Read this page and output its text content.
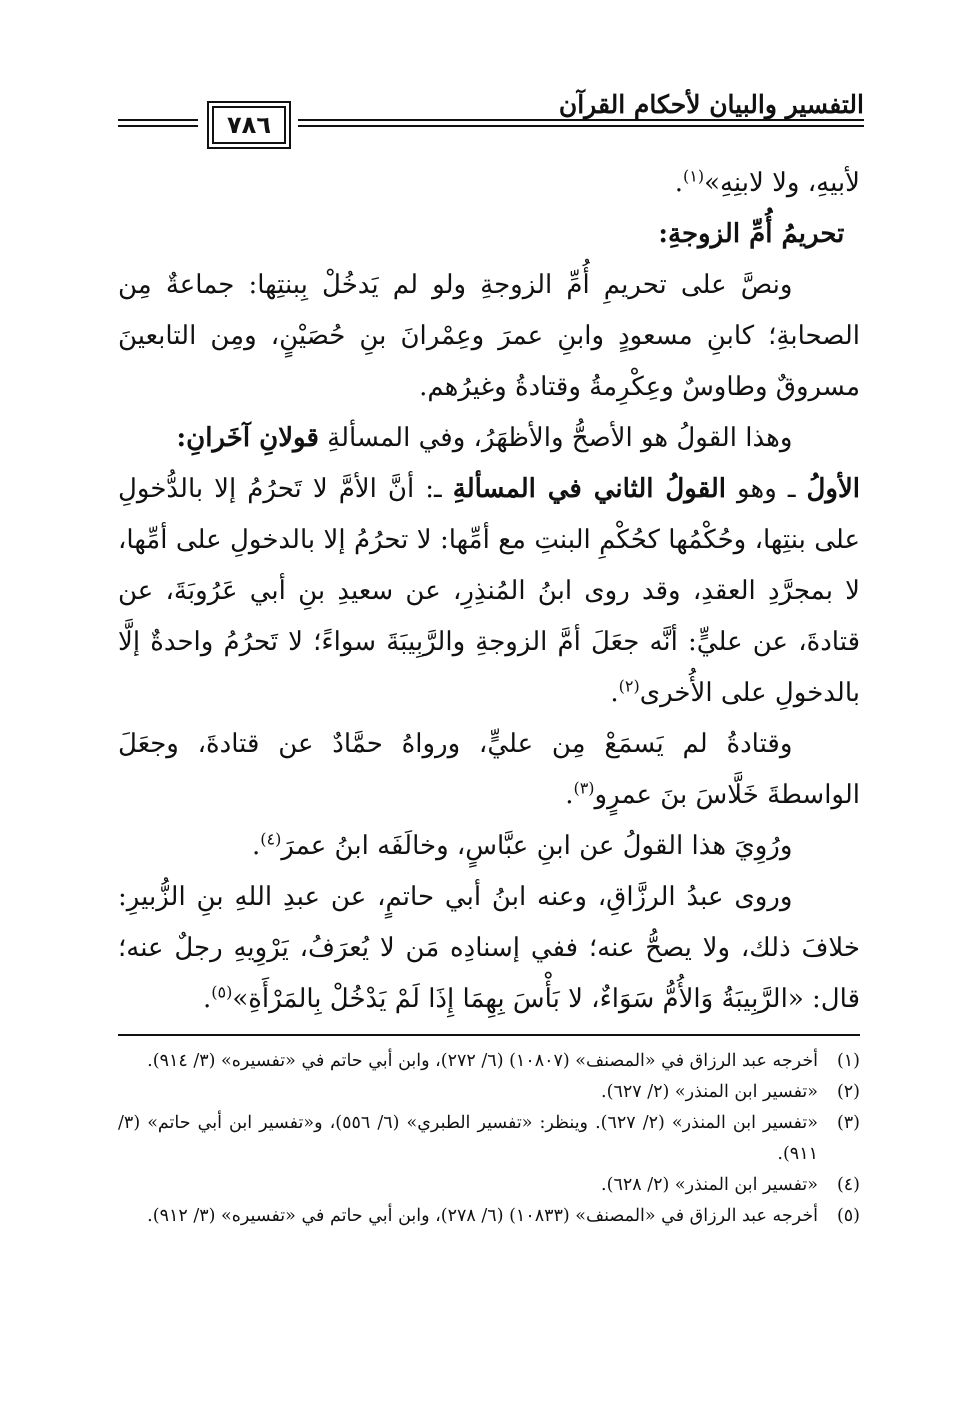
التفسير والبيان لأحكام القرآن
٧٨٦

لأبيهِ، ولا لابنِهِ»$^{(١)}$.

تحريمُ أُمِّ الزوجةِ:

ونصَّ على تحريمِ أُمِّ الزوجةِ ولو لم يَدخُلْ بِبنتِها: جماعةٌ مِن الصحابةِ؛ كابنِ مسعودٍ وابنِ عمرَ وعِمْرانَ بنِ حُصَيْنٍ، ومِن التابعينَ مسروقٌ وطاوسٌ وعِكْرِمةُ وقتادةُ وغيرُهم.

وهذا القولُ هو الأصحُّ والأظهَرُ، وفي المسألةِ قولانِ آخَرانِ:

الأولُ ـ وهو القولُ الثاني في المسألةِ ـ: أنَّ الأمَّ لا تَحرُمُ إلا بالدُّخولِ على بنتِها، وحُكْمُها كحُكْمِ البنتِ مع أمِّها: لا تحرُمُ إلا بالدخولِ على أمِّها، لا بمجرَّدِ العقدِ، وقد روى ابنُ المُنذِرِ، عن سعيدِ بنِ أبي عَرُوبَةَ، عن قتادةَ، عن عليٍّ: أنَّه جعَلَ أمَّ الزوجةِ والرَّبِيبَةَ سواءً؛ لا تَحرُمُ واحدةٌ إلَّا بالدخولِ على الأُخرى$^{(٢)}$.

وقتادةُ لم يَسمَعْ مِن عليٍّ، ورواهُ حمَّادٌ عن قتادةَ، وجعَلَ الواسطةَ خَلَّاسَ بنَ عمرٍو$^{(٣)}$.

ورُوِيَ هذا القولُ عن ابنِ عبَّاسٍ، وخالَفَه ابنُ عمرَ$^{(٤)}$.

وروى عبدُ الرزَّاقِ، وعنه ابنُ أبي حاتمٍ، عن عبدِ اللهِ بنِ الزُّبيرِ: خلافَ ذلك، ولا يصحُّ عنه؛ ففي إسنادِه مَن لا يُعرَفُ، يَرْوِيهِ رجلٌ عنه؛ قال: «الرَّبِيبَةُ وَالأُمُّ سَوَاءٌ، لا بَأْسَ بِهِمَا إِذَا لَمْ يَدْخُلْ بِالمَرْأَةِ»$^{(٥)}$.

(١)
أخرجه عبد الرزاق في «المصنف» (١٠٨٠٧) (٦/ ٢٧٢)، وابن أبي حاتم في «تفسيره» (٣/ ٩١٤).
(٢)
«تفسير ابن المنذر» (٢/ ٦٢٧).
(٣)
«تفسير ابن المنذر» (٢/ ٦٢٧). وينظر: «تفسير الطبري» (٦/ ٥٥٦)، و«تفسير ابن أبي حاتم» (٣/ ٩١١).
(٤)
«تفسير ابن المنذر» (٢/ ٦٢٨).
(٥)
أخرجه عبد الرزاق في «المصنف» (١٠٨٣٣) (٦/ ٢٧٨)، وابن أبي حاتم في «تفسيره» (٣/ ٩١٢).
